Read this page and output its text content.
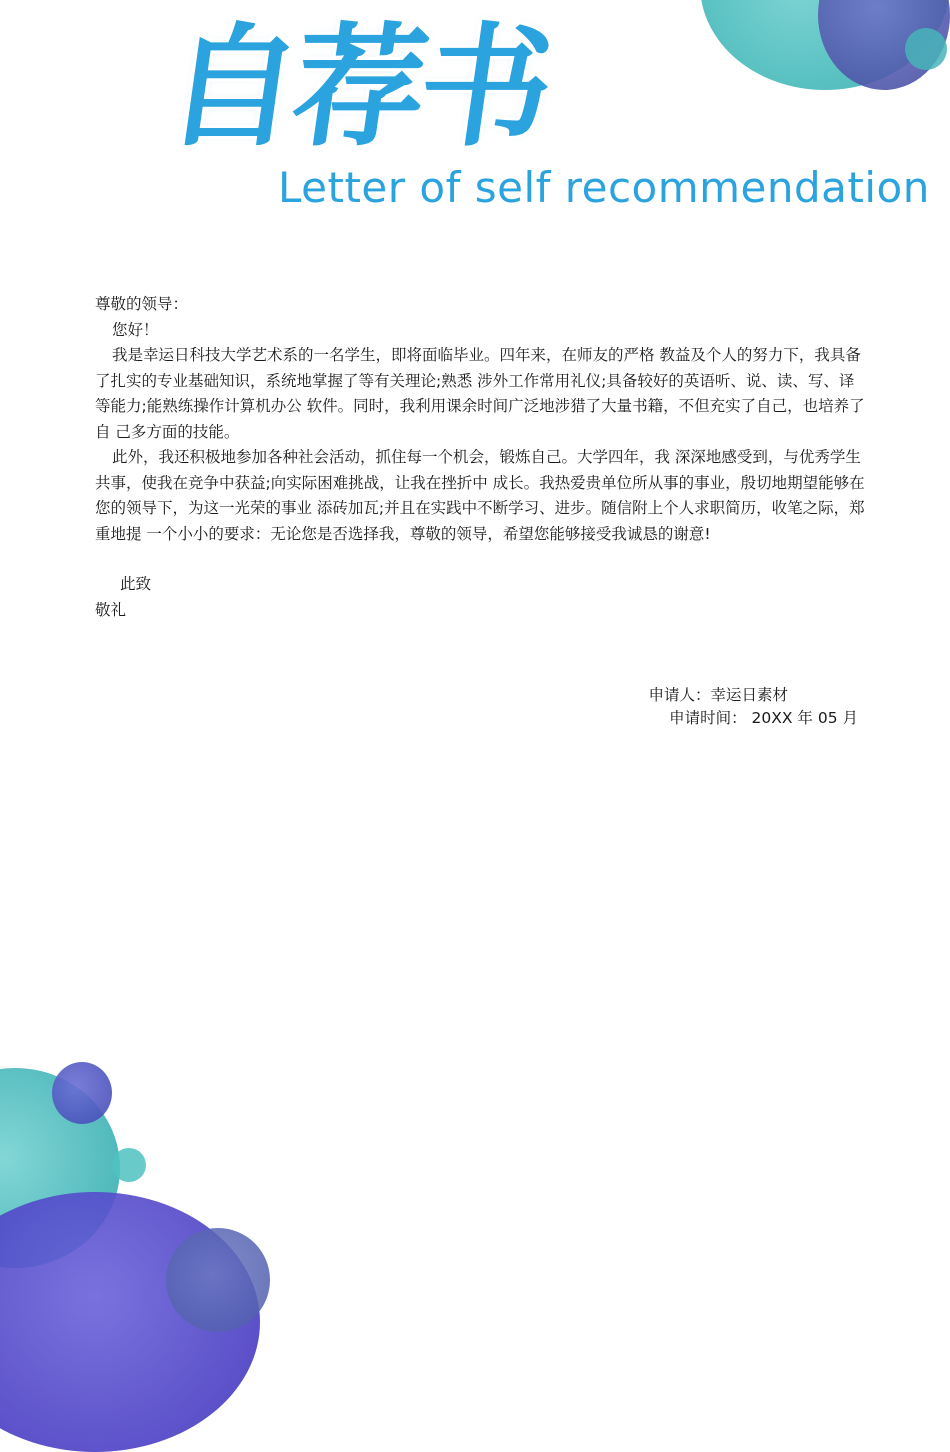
自荐书
Letter of self recommendation

尊敬的领导：

您好！

我是幸运日科技大学艺术系的一名学生，即将面临毕业。四年来，在师友的严格 教益及个人的努力下，我具备了扎实的专业基础知识，系统地掌握了等有关理论;熟悉 涉外工作常用礼仪;具备较好的英语听、说、读、写、译等能力;能熟练操作计算机办公 软件。同时，我利用课余时间广泛地涉猎了大量书籍，不但充实了自己，也培养了自 己多方面的技能。

此外，我还积极地参加各种社会活动，抓住每一个机会，锻炼自己。大学四年，我 深深地感受到，与优秀学生共事，使我在竞争中获益;向实际困难挑战，让我在挫折中 成长。我热爱贵单位所从事的事业，殷切地期望能够在您的领导下，为这一光荣的事业 添砖加瓦;并且在实践中不断学习、进步。随信附上个人求职简历，收笔之际，郑重地提 一个小小的要求：无论您是否选择我，尊敬的领导，希望您能够接受我诚恳的谢意!

此致

敬礼

申请人：幸运日素材
申请时间： 20XX 年 05 月
